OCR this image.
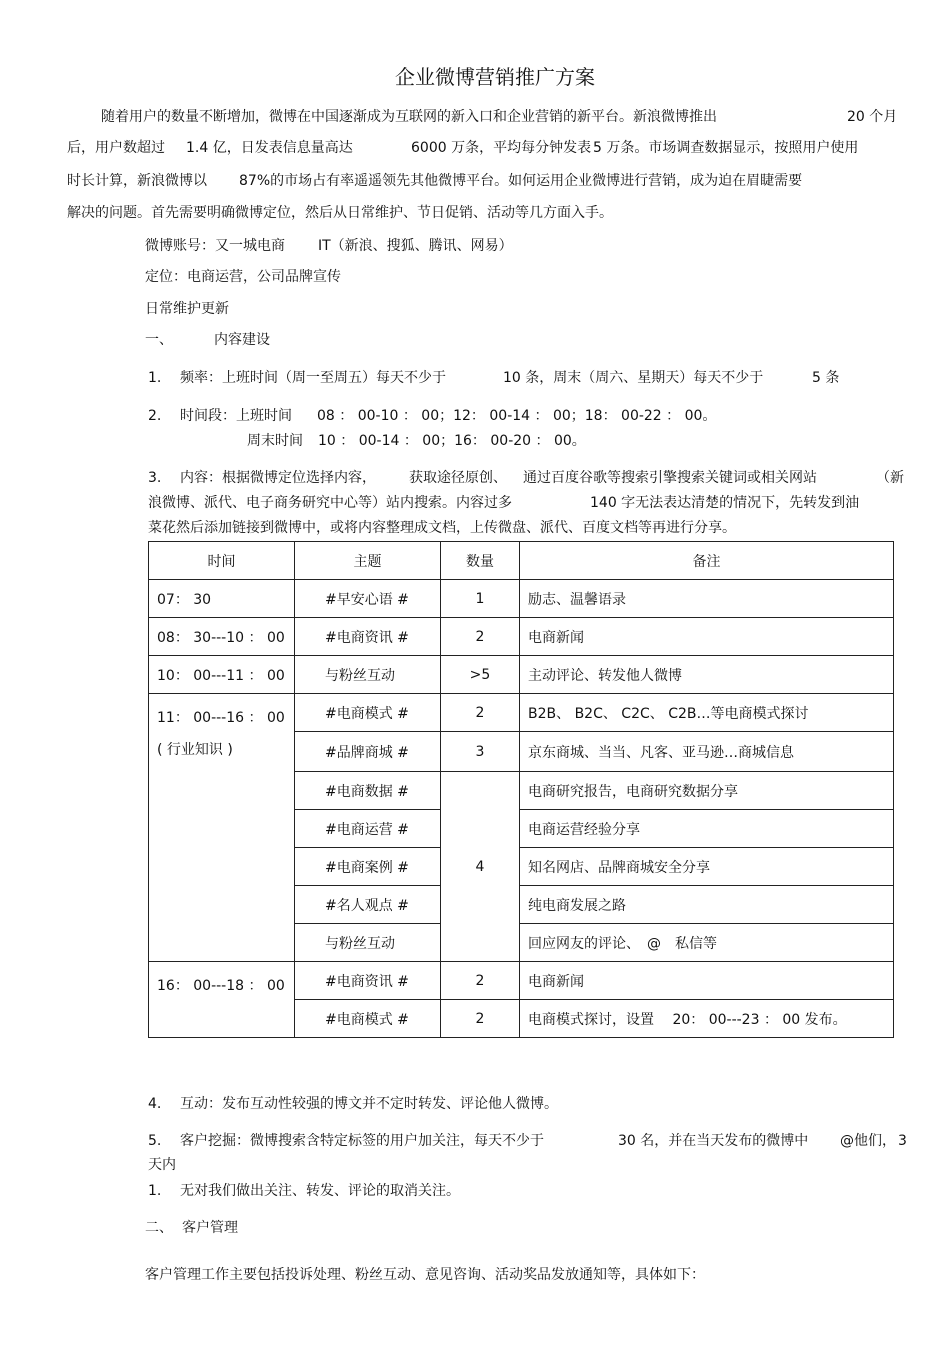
企业微博营销推广方案
随着用户的数量不断增加，微博在中国逐渐成为互联网的新入口和企业营销的新平台。新浪微博推出	20 个月
后，用户数超过 1.4 亿，日发表信息量高达	6000 万条，平均每分钟发表 5 万条。市场调查数据显示，按照用户使用
时长计算，新浪微博以 87%的市场占有率遥遥领先其他微博平台。如何运用企业微博进行营销，成为迫在眉睫需要
解决的问题。首先需要明确微博定位，然后从日常维护、节日促销、活动等几方面入手。
微博账号：又一城电商 IT（新浪、搜狐、腾讯、网易）
定位：电商运营，公司品牌宣传
日常维护更新
一、	内容建设
1. 频率：上班时间（周一至周五）每天不少于	10 条，周末（周六、星期天）每天不少于	5 条
2. 时间段：上班时间 08 ： 00-10 ： 00；12： 00-14 ： 00；18： 00-22 ： 00。
周末时间 10 ： 00-14 ： 00；16： 00-20 ： 00。
3. 内容：根据微博定位选择内容， 获取途径原创、 通过百度谷歌等搜索引擎搜索关键词或相关网站	（新
浪微博、派代、电子商务研究中心等）站内搜索。内容过多	140 字无法表达清楚的情况下，先转发到油
菜花然后添加链接到微博中，或将内容整理成文档，上传微盘、派代、百度文档等再进行分享。
时间	主题	数量	备注
07： 30	#早安心语 #	1	励志、温馨语录
08： 30---10 ： 00	#电商资讯 #	2	电商新闻
10： 00---11 ： 00	与粉丝互动	>5	主动评论、转发他人微博
11： 00---16 ： 00
( 行业知识 )	#电商模式 #	2	B2B、 B2C、 C2C、 C2B…等电商模式探讨
	#品牌商城 #	3	京东商城、当当、凡客、亚马逊…商城信息
	#电商数据 #	4	电商研究报告，电商研究数据分享
	#电商运营 #		电商运营经验分享
	#电商案例 #		知名网店、品牌商城安全分享
	#名人观点 #		纯电商发展之路
	与粉丝互动		回应网友的评论、　@　私信等
16： 00---18 ： 00	#电商资讯 #	2	电商新闻
	#电商模式 #	2	电商模式探讨，设置　 20： 00---23 ： 00 发布。
4. 互动：发布互动性较强的博文并不定时转发、评论他人微博。
5. 客户挖掘：微博搜索含特定标签的用户加关注，每天不少于	30 名，并在当天发布的微博中 @他们， 3
天内
1. 无对我们做出关注、转发、评论的取消关注。
二、 客户管理
客户管理工作主要包括投诉处理、粉丝互动、意见咨询、活动奖品发放通知等，具体如下：
